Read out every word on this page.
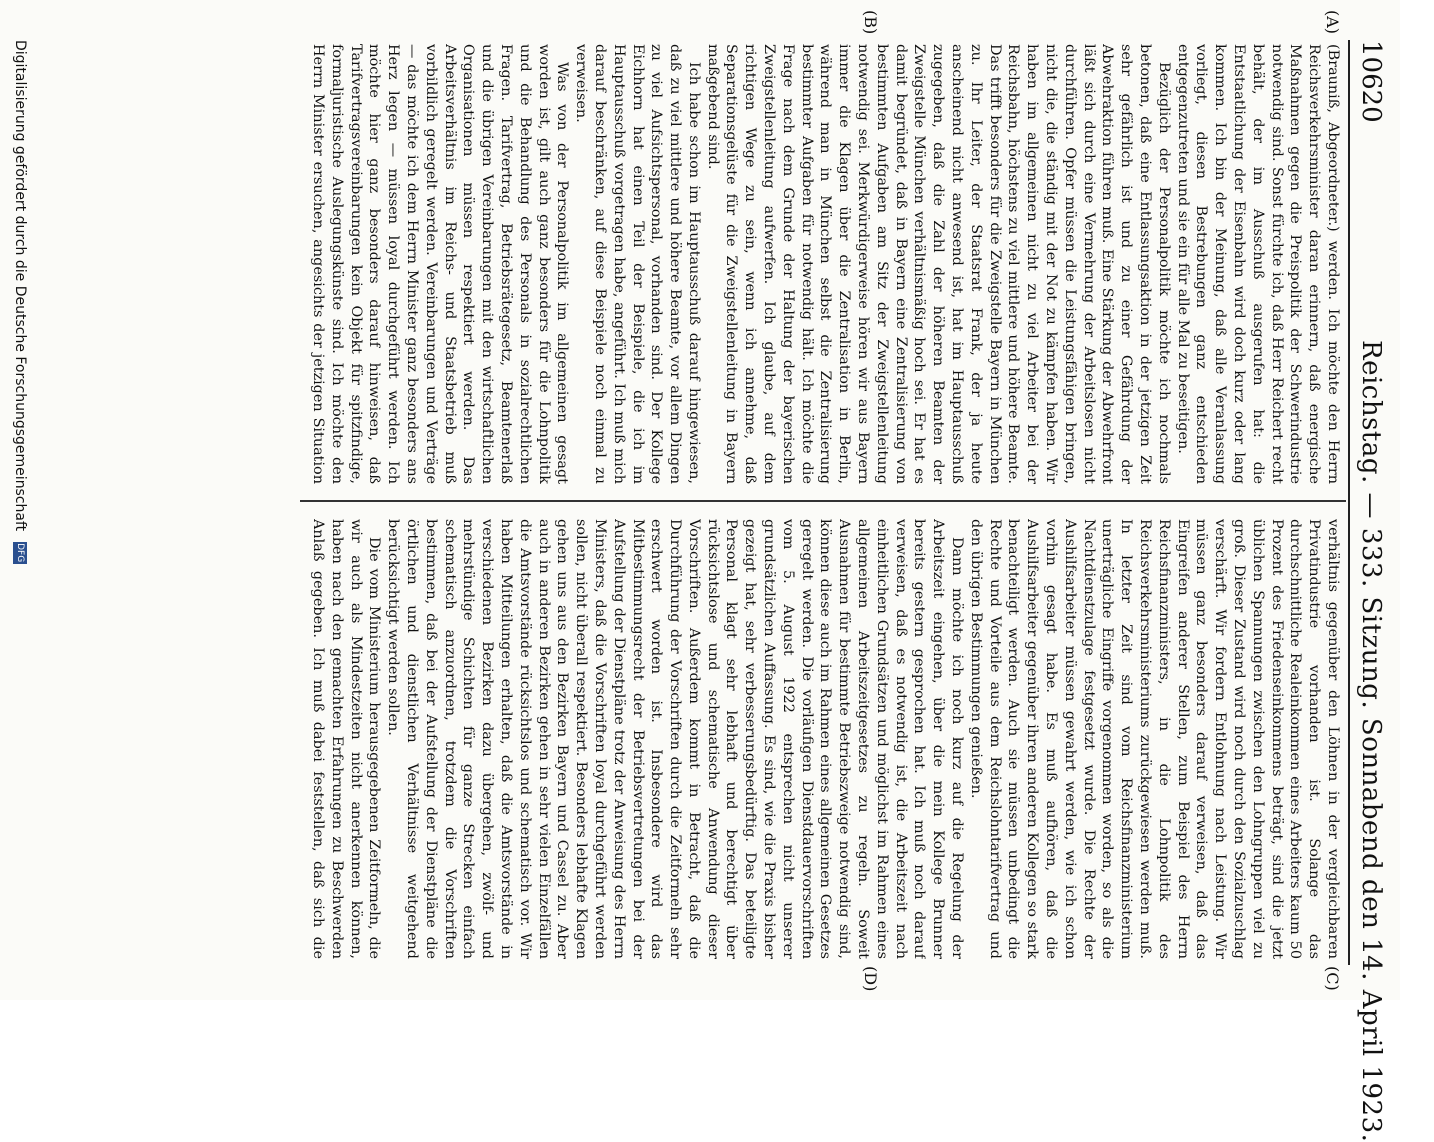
10620
Reichstag. — 333. Sitzung. Sonnabend den 14. April 1923.
(A)
(B)
(C)
(D)

(Brauniß, Abgeordneter.) werden. Ich möchte den Herrn Reichsverkehrsminister daran erinnern, daß energische Maßnahmen gegen die Preispolitik der Schwerindustrie notwendig sind. Sonst fürchte ich, daß Herr Reichert recht behält, der im Ausschuß ausgerufen hat: die Entstaatlichung der Eisenbahn wird doch kurz oder lang kommen. Ich bin der Meinung, daß alle Veranlassung vorliegt, diesen Bestrebungen ganz entschieden entgegenzutreten und sie ein für alle Mal zu beseitigen.

Bezüglich der Personalpolitik möchte ich nochmals betonen, daß eine Entlassungsaktion in der jetzigen Zeit sehr gefährlich ist und zu einer Gefährdung der Abwehraktion führen muß. Eine Stärkung der Abwehrfront läßt sich durch eine Vermehrung der Arbeitslosen nicht durchführen. Opfer müssen die Leistungsfähigen bringen, nicht die, die ständig mit der Not zu kämpfen haben. Wir haben im allgemeinen nicht zu viel Arbeiter bei der Reichsbahn, höchstens zu viel mittlere und höhere Beamte. Das trifft besonders für die Zweigstelle Bayern in München zu. Ihr Leiter, der Staatsrat Frank, der ja heute anscheinend nicht anwesend ist, hat im Hauptausschuß zugegeben, daß die Zahl der höheren Beamten der Zweigstelle München verhältnismäßig hoch sei. Er hat es damit begründet, daß in Bayern eine Zentralisierung von bestimmten Aufgaben am Sitz der Zweigstellenleitung notwendig sei. Merkwürdigerweise hören wir aus Bayern immer die Klagen über die Zentralisation in Berlin, während man in München selbst die Zentralisierung bestimmter Aufgaben für notwendig hält. Ich möchte die Frage nach dem Grunde der Haltung der bayerischen Zweigstellenleitung aufwerfen. Ich glaube, auf dem richtigen Wege zu sein, wenn ich annehme, daß Separationsgelüste für die Zweigstellenleitung in Bayern maßgebend sind.

Ich habe schon im Hauptausschuß darauf hingewiesen, daß zu viel mittlere und höhere Beamte, vor allem Dingen zu viel Aufsichtspersonal, vorhanden sind. Der Kollege Eichhorn hat einen Teil der Beispiele, die ich im Hauptausschuß vorgetragen habe, angeführt. Ich muß mich darauf beschränken, auf diese Beispiele noch einmal zu verweisen.

Was von der Personalpolitik im allgemeinen gesagt worden ist, gilt auch ganz besonders für die Lohnpolitik und die Behandlung des Personals in sozialrechtlichen Fragen. Tarifvertrag, Betriebsrätegesetz, Beamtenerlaß und die übrigen Vereinbarungen mit den wirtschaftlichen Organisationen müssen respektiert werden. Das Arbeitsverhältnis im Reichs- und Staatsbetrieb muß vorbildlich geregelt werden. Vereinbarungen und Verträge — das möchte ich dem Herrn Minister ganz besonders ans Herz legen — müssen loyal durchgeführt werden. Ich möchte hier ganz besonders darauf hinweisen, daß Tarifvertragsvereinbarungen kein Objekt für spitzfindige, formaljuristische Auslegungskünste sind. Ich möchte den Herrn Minister ersuchen, angesichts der jetzigen Situation

verhältnis gegenüber den Löhnen in der vergleichbaren Privatindustrie vorhanden ist. Solange das durchschnittliche Realeinkommen eines Arbeiters kaum 50 Prozent des Friedenseinkommens beträgt, sind die jetzt üblichen Spannungen zwischen den Lohngruppen viel zu groß. Dieser Zustand wird noch durch den Sozialzuschlag verschärft. Wir fordern Entlohnung nach Leistung. Wir müssen ganz besonders darauf verweisen, daß das Eingreifen anderer Stellen, zum Beispiel des Herrn Reichsfinanzministers, in die Lohnpolitik des Reichsverkehrsministeriums zurückgewiesen werden muß. In letzter Zeit sind vom Reichsfinanzministerium unerträgliche Eingriffe vorgenommen worden, so als die Nachtdienstzulage festgesetzt wurde. Die Rechte der Aushilfsarbeiter müssen gewahrt werden, wie ich schon vorhin gesagt habe. Es muß aufhören, daß die Aushilfsarbeiter gegenüber ihren anderen Kollegen so stark benachteiligt werden. Auch sie müssen unbedingt die Rechte und Vorteile aus dem Reichslohntarifvertrag und den übrigen Bestimmungen genießen.

Dann möchte ich noch kurz auf die Regelung der Arbeitszeit eingehen, über die mein Kollege Brunner bereits gestern gesprochen hat. Ich muß noch darauf verweisen, daß es notwendig ist, die Arbeitszeit nach einheitlichen Grundsätzen und möglichst im Rahmen eines allgemeinen Arbeitszeitgesetzes zu regeln. Soweit Ausnahmen für bestimmte Betriebszweige notwendig sind, können diese auch im Rahmen eines allgemeinen Gesetzes geregelt werden. Die vorläufigen Dienstdauervorschriften vom 5. August 1922 entsprechen nicht unserer grundsätzlichen Auffassung. Es sind, wie die Praxis bisher gezeigt hat, sehr verbesserungsbedürftig. Das beteiligte Personal klagt sehr lebhaft und berechtigt über rücksichtslose und schematische Anwendung dieser Vorschriften. Außerdem kommt in Betracht, daß die Durchführung der Vorschriften durch die Zeitformeln sehr erschwert worden ist. Insbesondere wird das Mitbestimmungsrecht der Betriebsvertretungen bei der Aufstellung der Dienstpläne trotz der Anweisung des Herrn Ministers, daß die Vorschriften loyal durchgeführt werden sollen, nicht überall respektiert. Besonders lebhafte Klagen gehen uns aus den Bezirken Bayern und Cassel zu. Aber auch in anderen Bezirken gehen in sehr vielen Einzelfällen die Amtsvorstände rücksichtslos und schematisch vor. Wir haben Mitteilungen erhalten, daß die Amtsvorstände in verschiedenen Bezirken dazu übergehen, zwölf- und mehrstündige Schichten für ganze Strecken einfach schematisch anzuordnen, trotzdem die Vorschriften bestimmen, daß bei der Aufstellung der Dienstpläne die örtlichen und dienstlichen Verhältnisse weitgehend berücksichtigt werden sollen.

Die vom Ministerium herausgegebenen Zeitformeln, die wir auch als Mindestzeiten nicht anerkennen können, haben nach den gemachten Erfahrungen zu Beschwerden Anlaß gegeben. Ich muß dabei feststellen, daß sich die

Digitalisierung gefördert durch die Deutsche Forschungsgemeinschaft DFG
